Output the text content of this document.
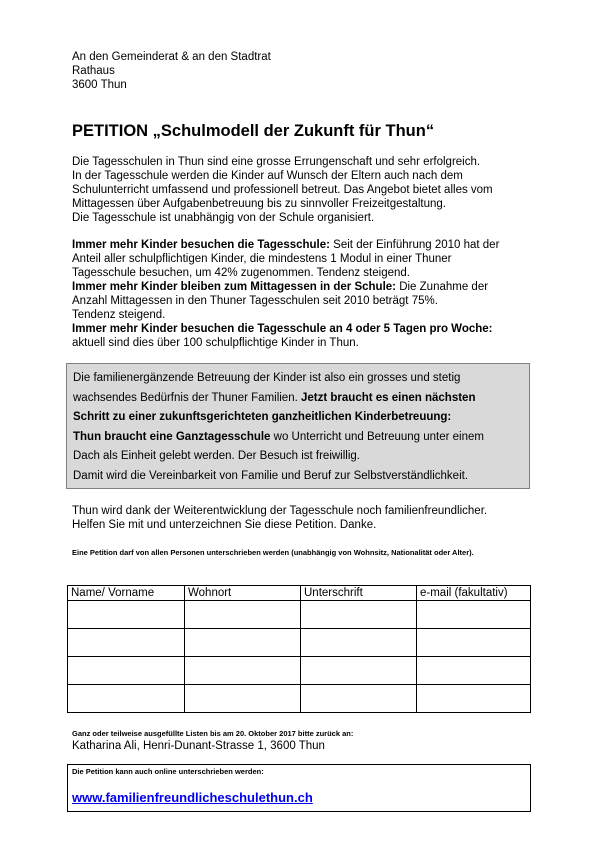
An den Gemeinderat & an den Stadtrat
Rathaus
3600 Thun
PETITION „Schulmodell der Zukunft für Thun“
Die Tagesschulen in Thun sind eine grosse Errungenschaft und sehr erfolgreich.
In der Tagesschule werden die Kinder auf Wunsch der Eltern auch nach dem
Schulunterricht umfassend und professionell betreut. Das Angebot bietet alles vom
Mittagessen über Aufgabenbetreuung bis zu sinnvoller Freizeitgestaltung.
Die Tagesschule ist unabhängig von der Schule organisiert.
Immer mehr Kinder besuchen die Tagesschule: Seit der Einführung 2010 hat der
Anteil aller schulpflichtigen Kinder, die mindestens 1 Modul in einer Thuner
Tagesschule besuchen, um 42% zugenommen. Tendenz steigend.
Immer mehr Kinder bleiben zum Mittagessen in der Schule: Die Zunahme der
Anzahl Mittagessen in den Thuner Tagesschulen seit 2010 beträgt 75%.
Tendenz steigend.
Immer mehr Kinder besuchen die Tagesschule an 4 oder 5 Tagen pro Woche:
aktuell sind dies über 100 schulpflichtige Kinder in Thun.
Die familienergänzende Betreuung der Kinder ist also ein grosses und stetig
wachsendes Bedürfnis der Thuner Familien. Jetzt braucht es einen nächsten
Schritt zu einer zukunftsgerichteten ganzheitlichen Kinderbetreuung:
Thun braucht eine Ganztagesschule wo Unterricht und Betreuung unter einem
Dach als Einheit gelebt werden. Der Besuch ist freiwillig.
Damit wird die Vereinbarkeit von Familie und Beruf zur Selbstverständlichkeit.
Thun wird dank der Weiterentwicklung der Tagesschule noch familienfreundlicher.
Helfen Sie mit und unterzeichnen Sie diese Petition. Danke.
Eine Petition darf von allen Personen unterschrieben werden (unabhängig von Wohnsitz, Nationalität oder Alter).
Name/ Vorname	Wohnort	Unterschrift	e-mail (fakultativ)

Ganz oder teilweise ausgefüllte Listen bis am 20. Oktober 2017 bitte zurück an:
Katharina Ali, Henri-Dunant-Strasse 1, 3600 Thun
Die Petition kann auch online unterschrieben werden:
www.familienfreundlicheschulethun.ch
